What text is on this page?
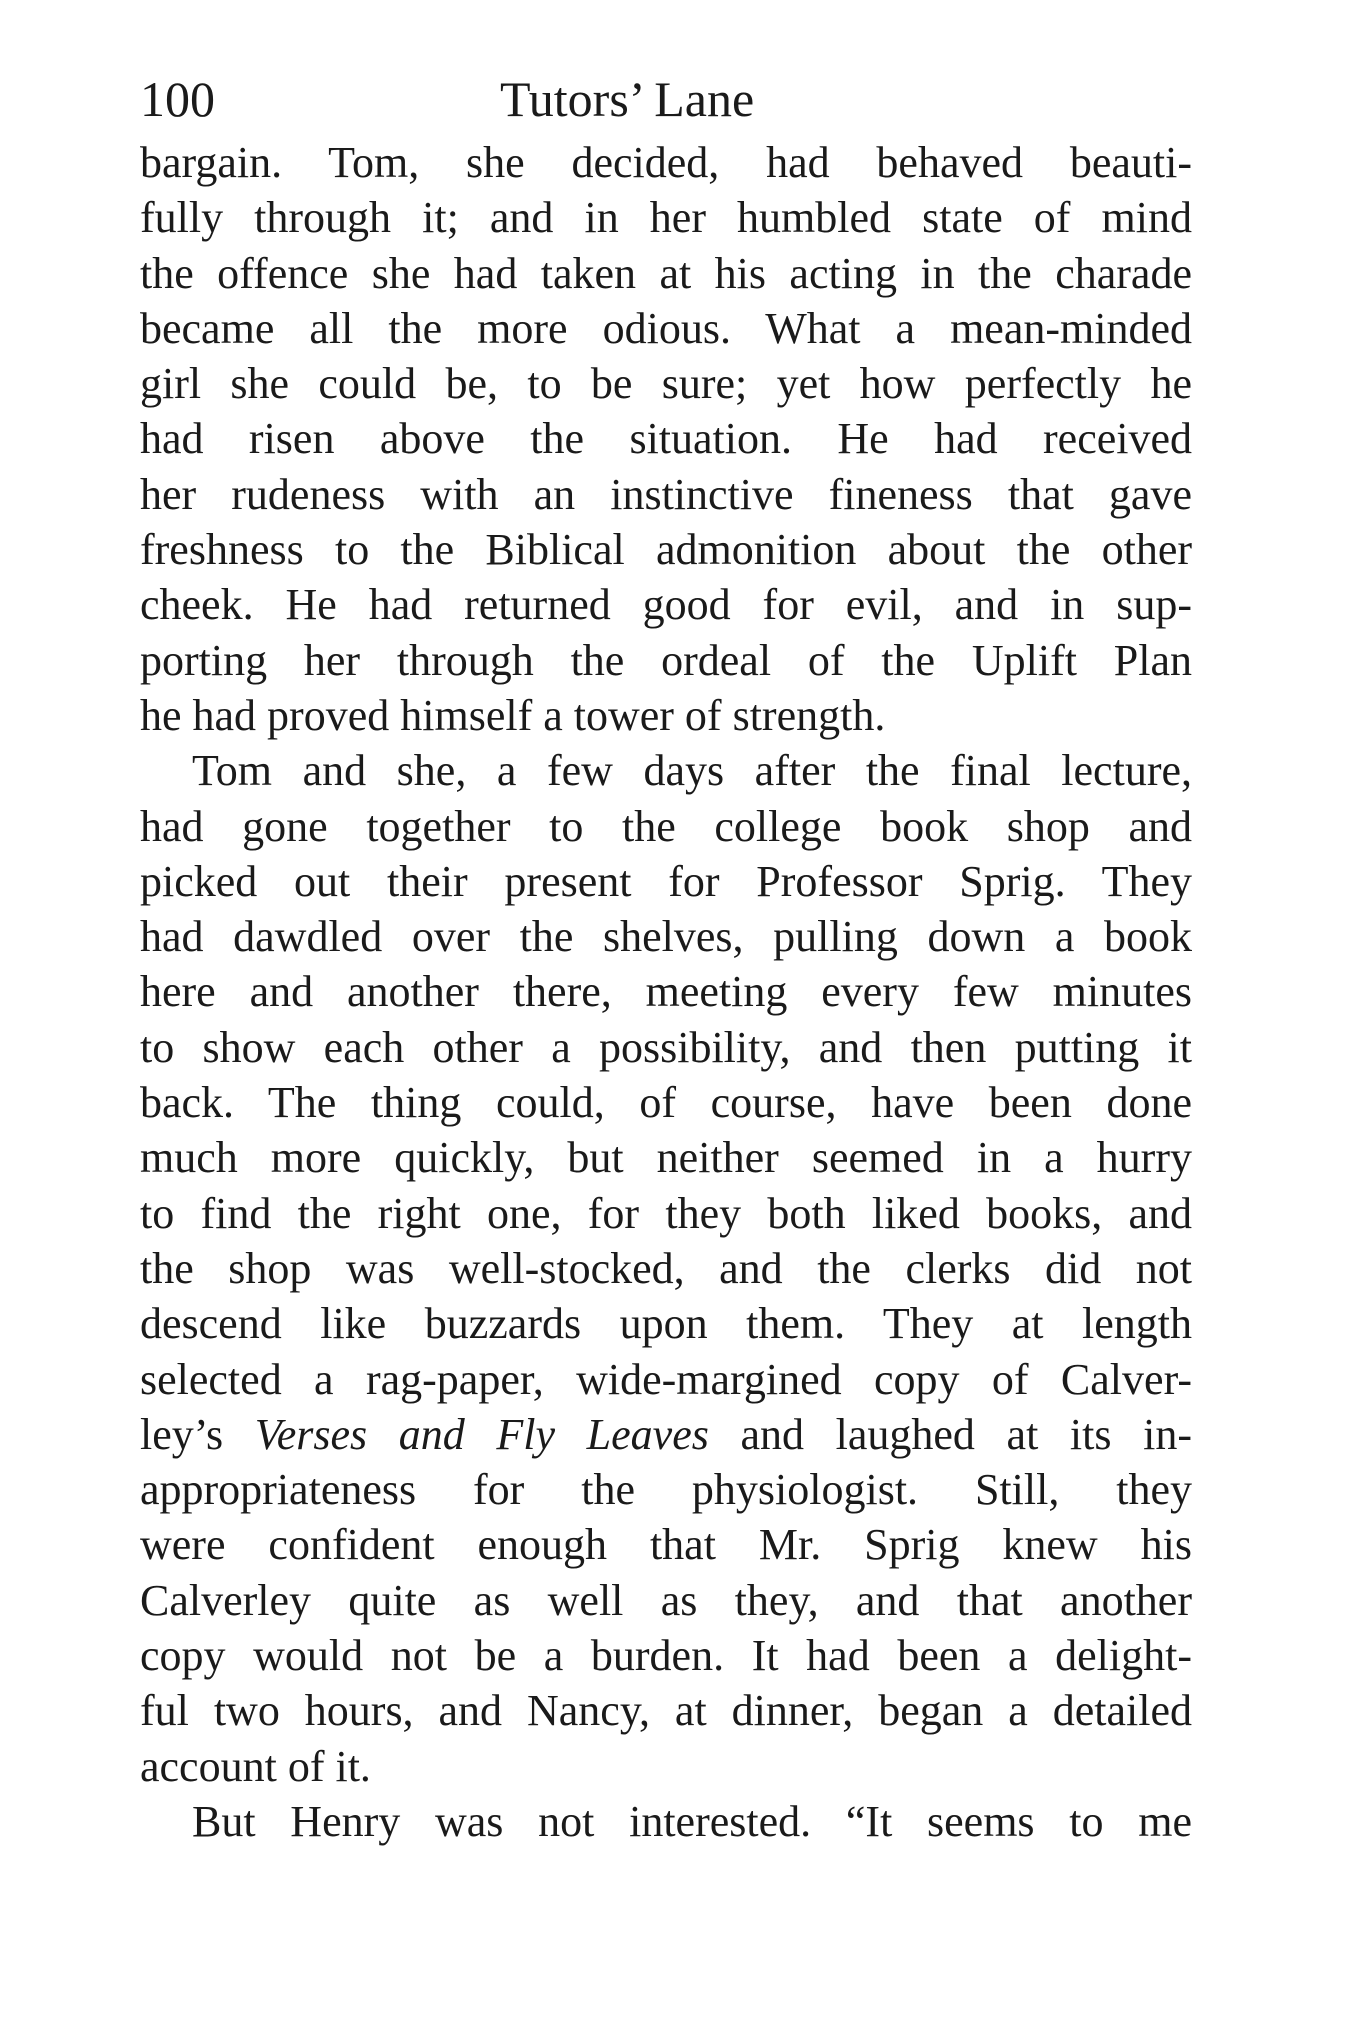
100	Tutors’ Lane
bargain. Tom, she decided, had behaved beauti-
fully through it; and in her humbled state of mind
the offence she had taken at his acting in the charade
became all the more odious. What a mean-minded
girl she could be, to be sure; yet how perfectly he
had risen above the situation. He had received
her rudeness with an instinctive fineness that gave
freshness to the Biblical admonition about the other
cheek. He had returned good for evil, and in sup-
porting her through the ordeal of the Uplift Plan
he had proved himself a tower of strength.
Tom and she, a few days after the final lecture,
had gone together to the college book shop and
picked out their present for Professor Sprig. They
had dawdled over the shelves, pulling down a book
here and another there, meeting every few minutes
to show each other a possibility, and then putting it
back. The thing could, of course, have been done
much more quickly, but neither seemed in a hurry
to find the right one, for they both liked books, and
the shop was well-stocked, and the clerks did not
descend like buzzards upon them. They at length
selected a rag-paper, wide-margined copy of Calver-
ley’s Verses and Fly Leaves and laughed at its in-
appropriateness for the physiologist. Still, they
were confident enough that Mr. Sprig knew his
Calverley quite as well as they, and that another
copy would not be a burden. It had been a delight-
ful two hours, and Nancy, at dinner, began a detailed
account of it.
But Henry was not interested. “It seems to me
